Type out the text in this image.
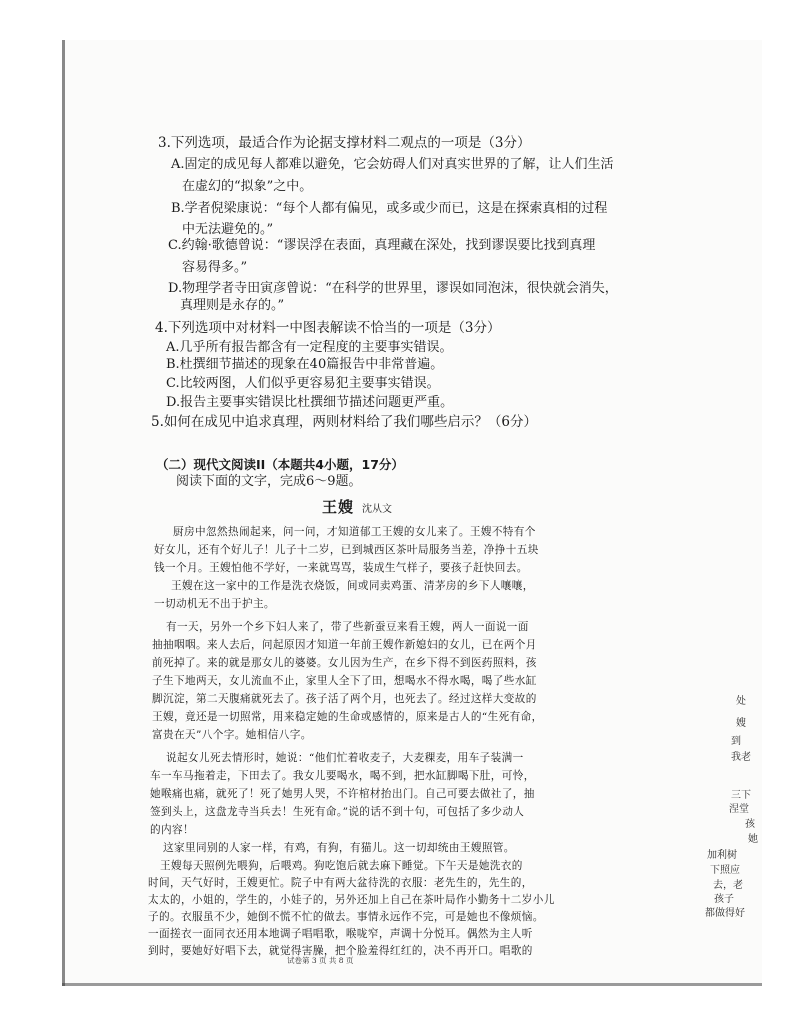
3.下列选项，最适合作为论据支撑材料二观点的一项是（3分）
A.固定的成见每人都难以避免，它会妨碍人们对真实世界的了解，让人们生活
在虚幻的“拟象”之中。
B.学者倪梁康说：“每个人都有偏见，或多或少而已，这是在探索真相的过程
中无法避免的。”
C.约翰·歌德曾说：“谬误浮在表面，真理藏在深处，找到谬误要比找到真理
容易得多。”
D.物理学者寺田寅彦曾说：“在科学的世界里，谬误如同泡沫，很快就会消失，
真理则是永存的。”
4.下列选项中对材料一中图表解读不恰当的一项是（3分）
A.几乎所有报告都含有一定程度的主要事实错误。
B.杜撰细节描述的现象在40篇报告中非常普遍。
C.比较两图，人们似乎更容易犯主要事实错误。
D.报告主要事实错误比杜撰细节描述问题更严重。
5.如何在成见中追求真理，两则材料给了我们哪些启示？（6分）
（二）现代文阅读II（本题共4小题，17分）
阅读下面的文字，完成6～9题。
王嫂 沈从文
厨房中忽然热闹起来，问一问，才知道郁工王嫂的女儿来了。王嫂不特有个
好女儿，还有个好儿子！儿子十二岁，已到城西区茶叶局服务当差，净挣十五块
钱一个月。王嫂怕他不学好，一来就骂骂，装成生气样子，要孩子赶快回去。
王嫂在这一家中的工作是洗衣烧饭，间或同卖鸡蛋、清茅房的乡下人嚷嚷，
一切动机无不出于护主。
有一天，另外一个乡下妇人来了，带了些新蚕豆来看王嫂，两人一面说一面
抽抽咽咽。来人去后，问起原因才知道一年前王嫂作新媳妇的女儿，已在两个月
前死掉了。来的就是那女儿的婆婆。女儿因为生产，在乡下得不到医药照料，孩
子生下地两天，女儿流血不止，家里人全下了田，想喝水不得水喝，喝了些水缸
脚沉淀，第二天腹痛就死去了。孩子活了两个月，也死去了。经过这样大变故的
王嫂，竟还是一切照常，用来稳定她的生命或感情的，原来是古人的“生死有命，
富贵在天”八个字。她相信八字。
说起女儿死去情形时，她说：“他们忙着收麦子，大麦稞麦，用车子装满一
车一车马拖着走，下田去了。我女儿要喝水，喝不到，把水缸脚喝下肚，可怜，
她喉痛也痛，就死了！死了她男人哭，不许棺材抬出门。自己可要去做社了，抽
签到头上，这盘龙寺当兵去！生死有命。”说的话不到十句，可包括了多少动人
的内容！
这家里同别的人家一样，有鸡，有狗，有猫儿。这一切却统由王嫂照管。
王嫂每天照例先喂狗，后喂鸡。狗吃饱后就去麻下睡觉。下午天是她洗衣的
时间，天气好时，王嫂更忙。院子中有两大盆待洗的衣服：老先生的，先生的，
太太的，小姐的，学生的，小娃子的，另外还加上自己在茶叶局作小勤务十二岁小儿
子的。衣服虽不少，她倒不慌不忙的做去。事情永远作不完，可是她也不像烦恼。
一面搓衣一面同衣还用本地调子唱唱歌，喉咙窄，声调十分悦耳。偶然为主人听
到时，要她好好唱下去，就觉得害臊，把个脸羞得红红的，决不再开口。唱歌的
试卷第 3 页 共 8 页
处
嫂
到
我老
三下
涅堂
孩
她
加利树
下照应
去，老
孩子
都做得好
